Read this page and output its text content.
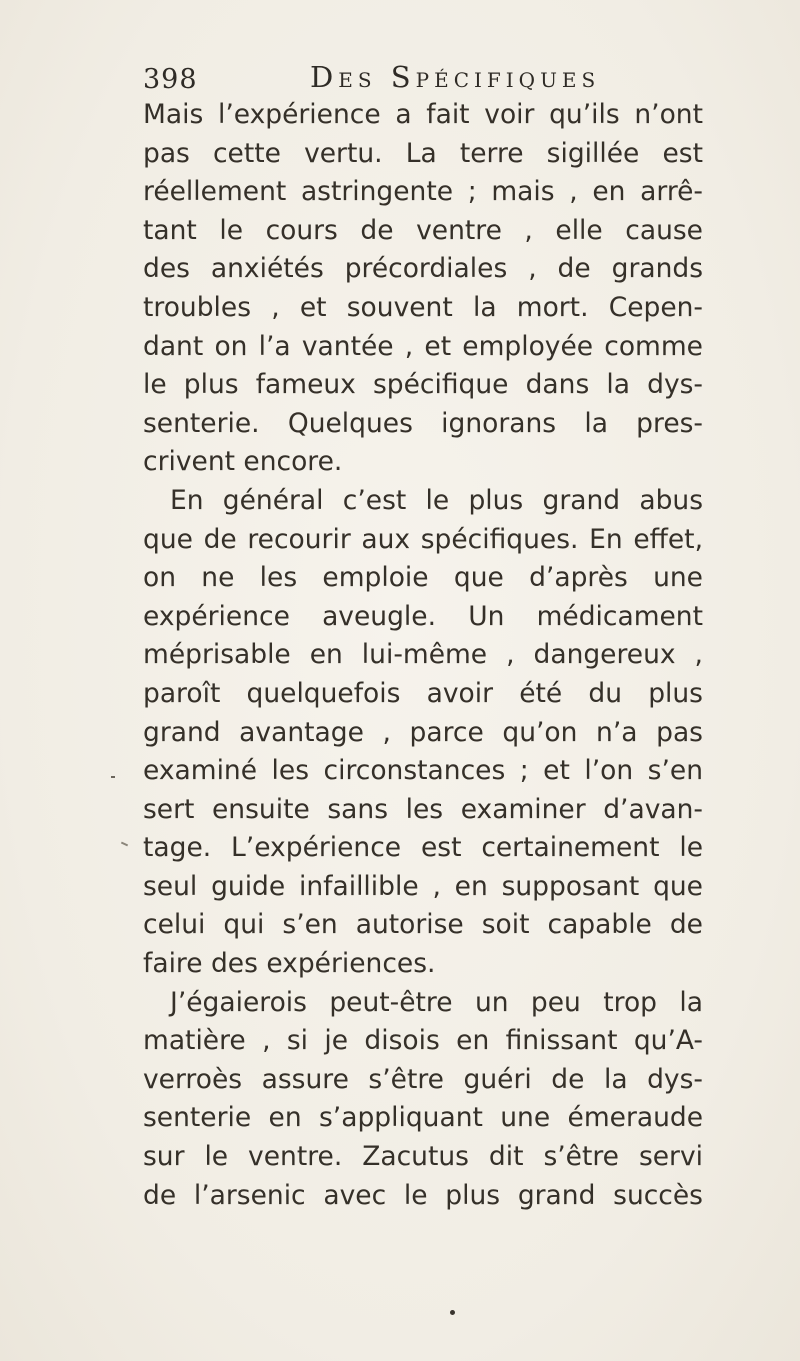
398	Des Spécifiques
Mais l’expérience a fait voir qu’ils n’ont
pas cette vertu. La terre sigillée est
réellement astringente ; mais , en arrê-
tant le cours de ventre , elle cause
des anxiétés précordiales , de grands
troubles , et souvent la mort. Cepen-
dant on l’a vantée , et employée comme
le plus fameux spécifique dans la dys-
senterie. Quelques ignorans la pres-
crivent encore.
En général c’est le plus grand abus
que de recourir aux spécifiques. En effet,
on ne les emploie que d’après une
expérience aveugle. Un médicament
méprisable en lui-même , dangereux ,
paroît quelquefois avoir été du plus
grand avantage , parce qu’on n’a pas
examiné les circonstances ; et l’on s’en
sert ensuite sans les examiner d’avan-
tage. L’expérience est certainement le
seul guide infaillible , en supposant que
celui qui s’en autorise soit capable de
faire des expériences.
J’égaierois peut-être un peu trop la
matière , si je disois en finissant qu’A-
verroès assure s’être guéri de la dys-
senterie en s’appliquant une émeraude
sur le ventre. Zacutus dit s’être servi
de l’arsenic avec le plus grand succès
